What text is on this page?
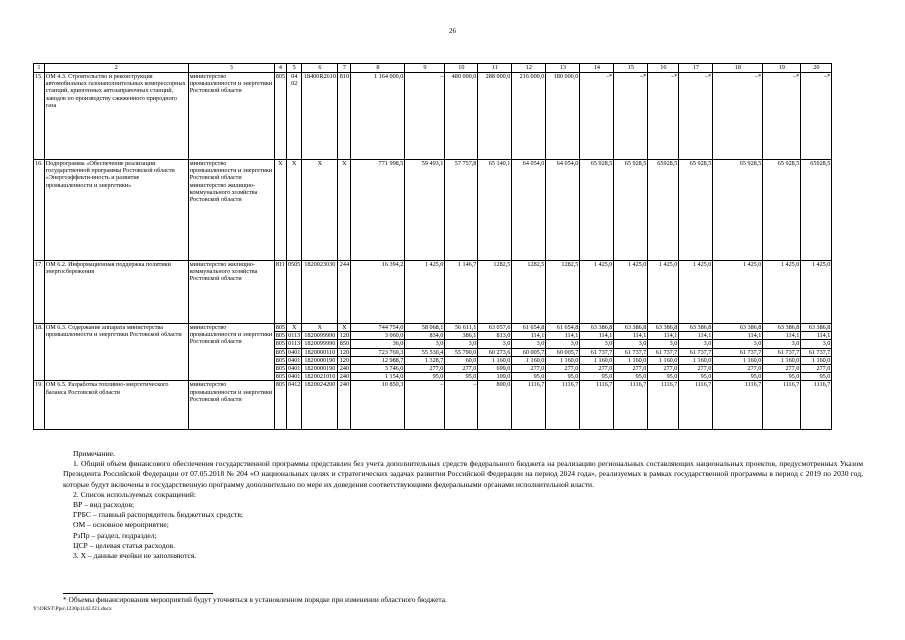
26
1	2	3	4	5	6	7	8	9	10	11	12	13	14	15	16	17	18	19	20
15.	ОМ 4.3. Строительство и реконструкция автомобильных газонаполнительных компрессорных станций, криогенных автозаправочных станций, заводов по производству сжиженного природного газа	министерство промышленности и энергетики Ростовской области	805	04 02	18400R2610	810	1 164 000,0	–	480 000,0	288 000,0	216 000,0	180 000,0	–*	–*	–*	–*	–*	–*	–*
16.	Подпрограмма «Обеспечение реализации государственной программы Ростовской области «Энергоэффекти-вность и развитие промышленности и энергетики»	министерство промышленности и энергетики Ростовской области министерство жилищно-коммунального хозяйства Ростовской области	Х	Х	Х	Х	771 998,5	59 493,1	57 757,8	65 140,1	64 054,0	64 054,0	65 928,5	65 928,5	65928,5	65 928,5	65 928,5	65 928,5	65928,5
17.	ОМ 6.2. Информационная поддержка политики энергосбережения	министерство жилищно-коммунального хозяйства Ростовской области	811	0505	1820023030	244	16 394,2	1 425,0	1 146,7	1282,5	1282,5	1282,5	1 425,0	1 425,0	1 425,0	1 425,0	1 425,0	1 425,0	1 425,0
18.	ОМ 6.3. Содержание аппарата министерства промышленности и энергетики Ростовской области	министерство промышленности и энергетики Ростовской области	805	Х	Х	Х	744 754,0	58 068,1	56 611,1	63 057,6	61 654,8	61 654,8	63 386,8	63 386,8	63 386,8	63 386,8	63 386,8	63 386,8	63 386,8
			805	0113	1820099990	120	3 060,0	834,0	386,1	813,0	114,1	114,1	114,1	114,1	114,1	114,1	114,1	114,1	114,1
			805	0113	1820099990	850	36,0	3,0	3,0	3,0	3,0	3,0	3,0	3,0	3,0	3,0	3,0	3,0	3,0
			805	0401	1820000110	120	723 769,3	55 530,4	55 790,0	60 273,6	60 005,7	60 005,7	61 737,7	61 737,7	61 737,7	61 737,7	61 737,7	61 737,7	61 737,7
			805	0401	1820000190	120	12 988,7	1 328,7	60,0	1 160,0	1 160,0	1 160,0	1 160,0	1 160,0	1 160,0	1 160,0	1 160,0	1 160,0	1 160,0
			805	0401	1820000190	240	3 746,0	277,0	277,0	699,0	277,0	277,0	277,0	277,0	277,0	277,0	277,0	277,0	277,0
			805	0401	1820021010	240	1 154,0	95,0	95,0	109,0	95,0	95,0	95,0	95,0	95,0	95,0	95,0	95,0	95,0
19.	ОМ 6.5. Разработка топливно-энергетического баланса Ростовской области	министерство промышленности и энергетики Ростовской области	805	0412	1820024200	240	10 850,3	–	–	800,0	1116,7	1116,7	1116,7	1116,7	1116,7	1116,7	1116,7	1116,7	1116,7

Примечание.

1. Общий объем финансового обеспечения государственной программы представлен без учета дополнительных средств федерального бюджета на реализацию региональных составляющих национальных проектов, предусмотренных Указом Президента Российской Федерации от 07.05.2018 № 204 «О национальных целях и стратегических задачах развития Российской Федерации на период 2024 года», реализуемых в рамках государственной программы в период с 2019 по 2030 год, которые будут включены в государственную программу дополнительно по мере их доведения соответствующими федеральными органами исполнительной власти.

2. Список используемых сокращений:

ВР – вид расходов;

ГРБС – главный распорядитель бюджетных средств;

ОМ – основное мероприятие;

РзПр – раздел, подраздел;

ЦСР – целевая статья расходов.

3. Х – данные ячейки не заполняются.

* Объемы финансирования мероприятий будут уточняться в установленном порядке при изменении областного бюджета.
Y:\ORST\Ppo\1230p1142.f21.docx
